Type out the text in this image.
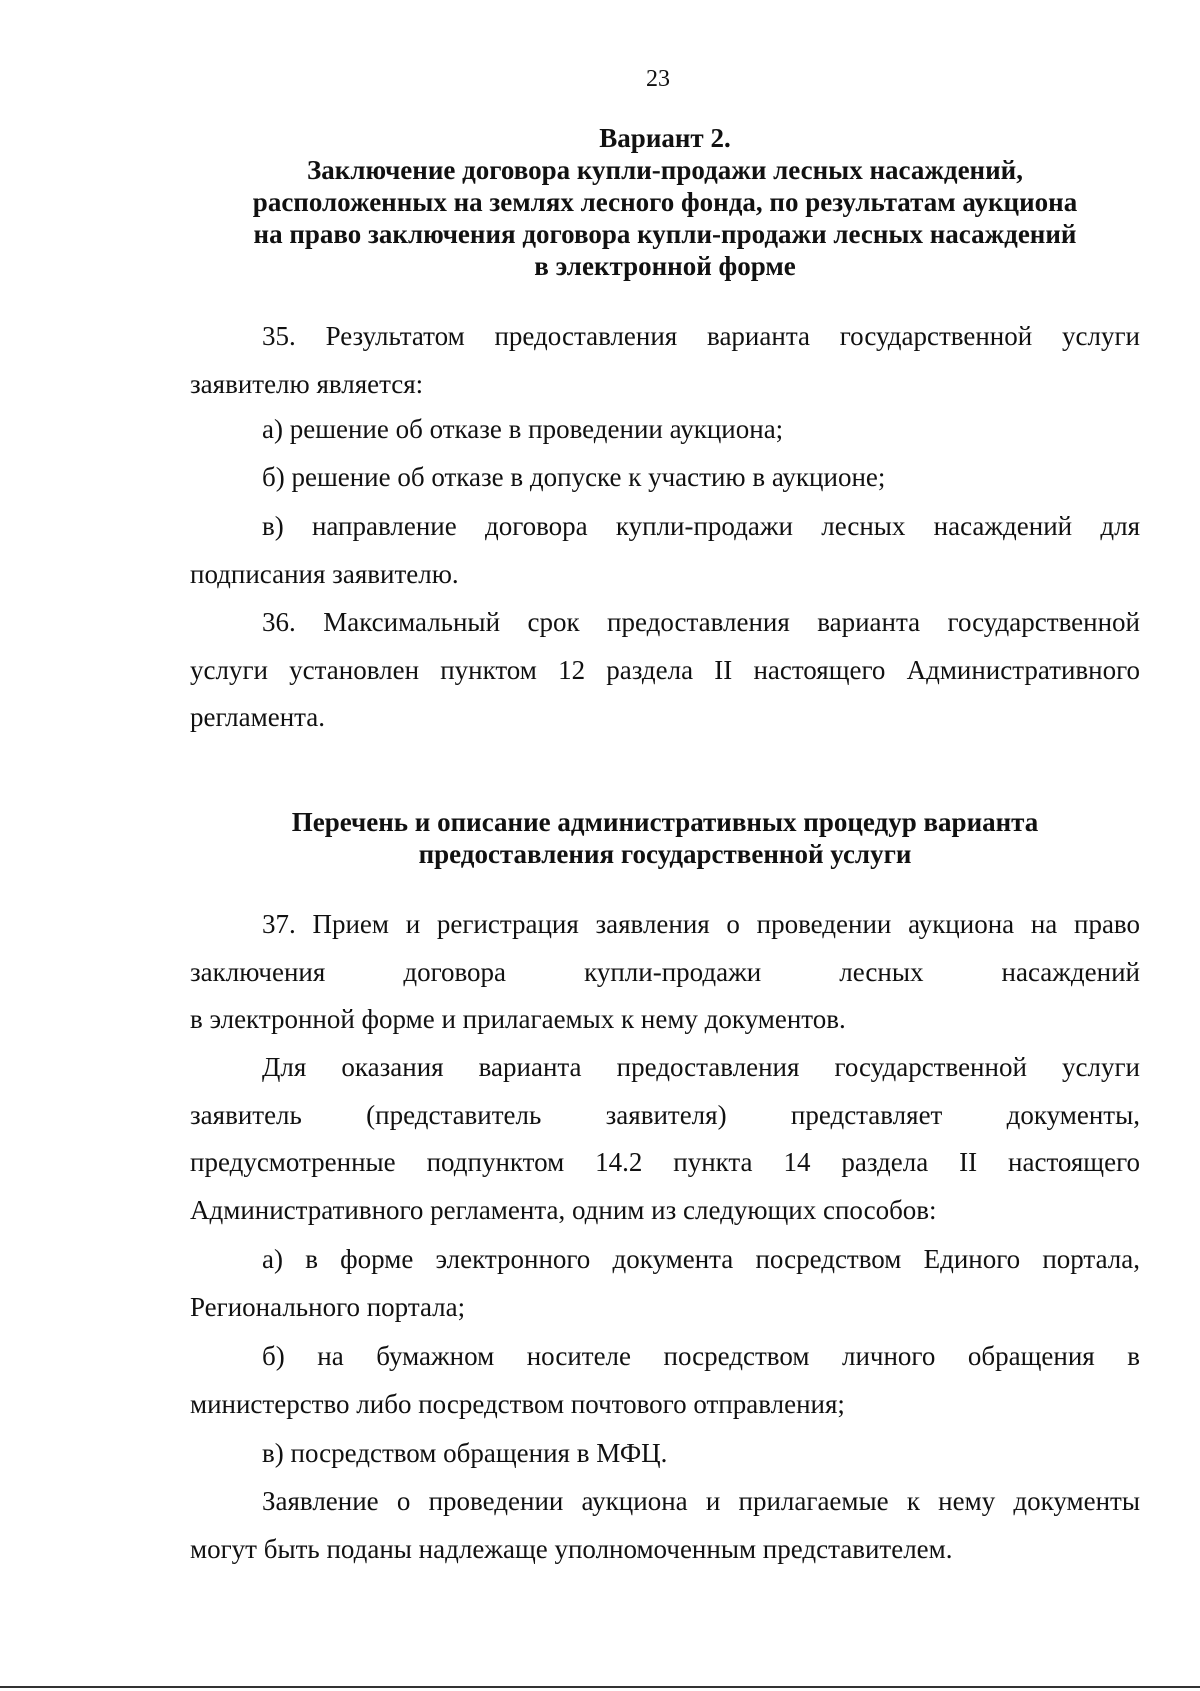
23
Вариант 2.
Заключение договора купли-продажи лесных насаждений,
расположенных на землях лесного фонда, по результатам аукциона
на право заключения договора купли-продажи лесных насаждений
в электронной форме

35. Результатом предоставления варианта государственной услуги
заявителю является:

а) решение об отказе в проведении аукциона;

б) решение об отказе в допуске к участию в аукционе;

в) направление договора купли-продажи лесных насаждений для
подписания заявителю.

36. Максимальный срок предоставления варианта государственной
услуги установлен пунктом 12 раздела II настоящего Административного
регламента.

Перечень и описание административных процедур варианта
предоставления государственной услуги

37. Прием и регистрация заявления о проведении аукциона на право
заключения договора купли-продажи лесных насаждений
в электронной форме и прилагаемых к нему документов.

Для оказания варианта предоставления государственной услуги
заявитель (представитель заявителя) представляет документы,
предусмотренные подпунктом 14.2 пункта 14 раздела II настоящего
Административного регламента, одним из следующих способов:

а) в форме электронного документа посредством Единого портала,
Регионального портала;

б) на бумажном носителе посредством личного обращения в
министерство либо посредством почтового отправления;

в) посредством обращения в МФЦ.

Заявление о проведении аукциона и прилагаемые к нему документы
могут быть поданы надлежаще уполномоченным представителем.
